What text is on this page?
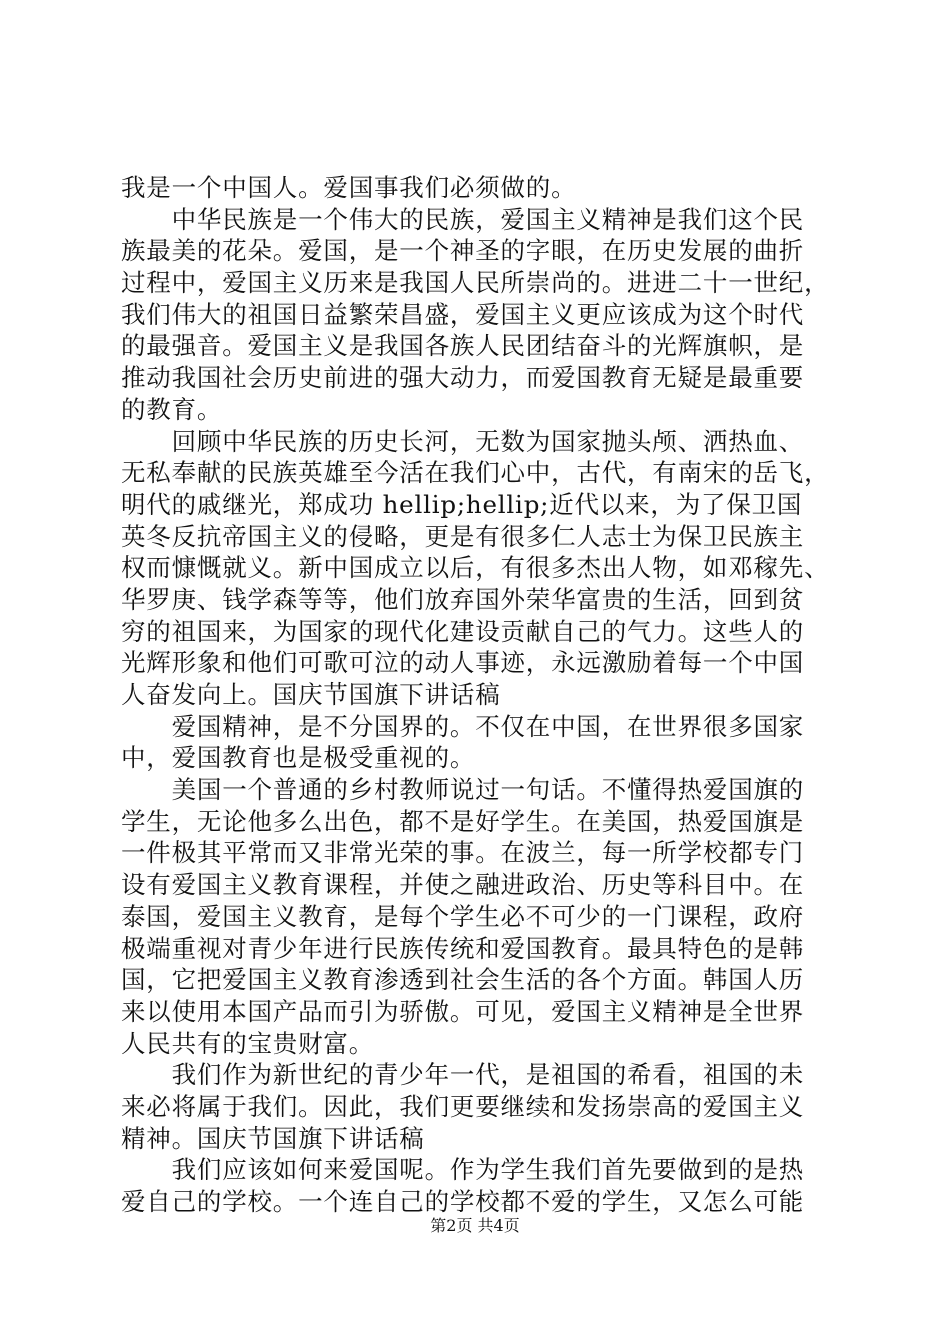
我是一个中国人。爱国事我们必须做的。
　　中华民族是一个伟大的民族，爱国主义精神是我们这个民
族最美的花朵。爱国，是一个神圣的字眼，在历史发展的曲折
过程中，爱国主义历来是我国人民所崇尚的。进进二十一世纪，
我们伟大的祖国日益繁荣昌盛，爱国主义更应该成为这个时代
的最强音。爱国主义是我国各族人民团结奋斗的光辉旗帜，是
推动我国社会历史前进的强大动力，而爱国教育无疑是最重要
的教育。
　　回顾中华民族的历史长河，无数为国家抛头颅、洒热血、
无私奉献的民族英雄至今活在我们心中，古代，有南宋的岳飞，
明代的戚继光，郑成功 hellip;hellip;近代以来，为了保卫国
英冬反抗帝国主义的侵略，更是有很多仁人志士为保卫民族主
权而慷慨就义。新中国成立以后，有很多杰出人物，如邓稼先、
华罗庚、钱学森等等，他们放弃国外荣华富贵的生活，回到贫
穷的祖国来，为国家的现代化建设贡献自己的气力。这些人的
光辉形象和他们可歌可泣的动人事迹，永远激励着每一个中国
人奋发向上。国庆节国旗下讲话稿
　　爱国精神，是不分国界的。不仅在中国，在世界很多国家
中，爱国教育也是极受重视的。
　　美国一个普通的乡村教师说过一句话。不懂得热爱国旗的
学生，无论他多么出色，都不是好学生。在美国，热爱国旗是
一件极其平常而又非常光荣的事。在波兰，每一所学校都专门
设有爱国主义教育课程，并使之融进政治、历史等科目中。在
泰国，爱国主义教育，是每个学生必不可少的一门课程，政府
极端重视对青少年进行民族传统和爱国教育。最具特色的是韩
国，它把爱国主义教育渗透到社会生活的各个方面。韩国人历
来以使用本国产品而引为骄傲。可见，爱国主义精神是全世界
人民共有的宝贵财富。
　　我们作为新世纪的青少年一代，是祖国的希看，祖国的未
来必将属于我们。因此，我们更要继续和发扬崇高的爱国主义
精神。国庆节国旗下讲话稿
　　我们应该如何来爱国呢。作为学生我们首先要做到的是热
爱自己的学校。一个连自己的学校都不爱的学生，又怎么可能
第2页 共4页
